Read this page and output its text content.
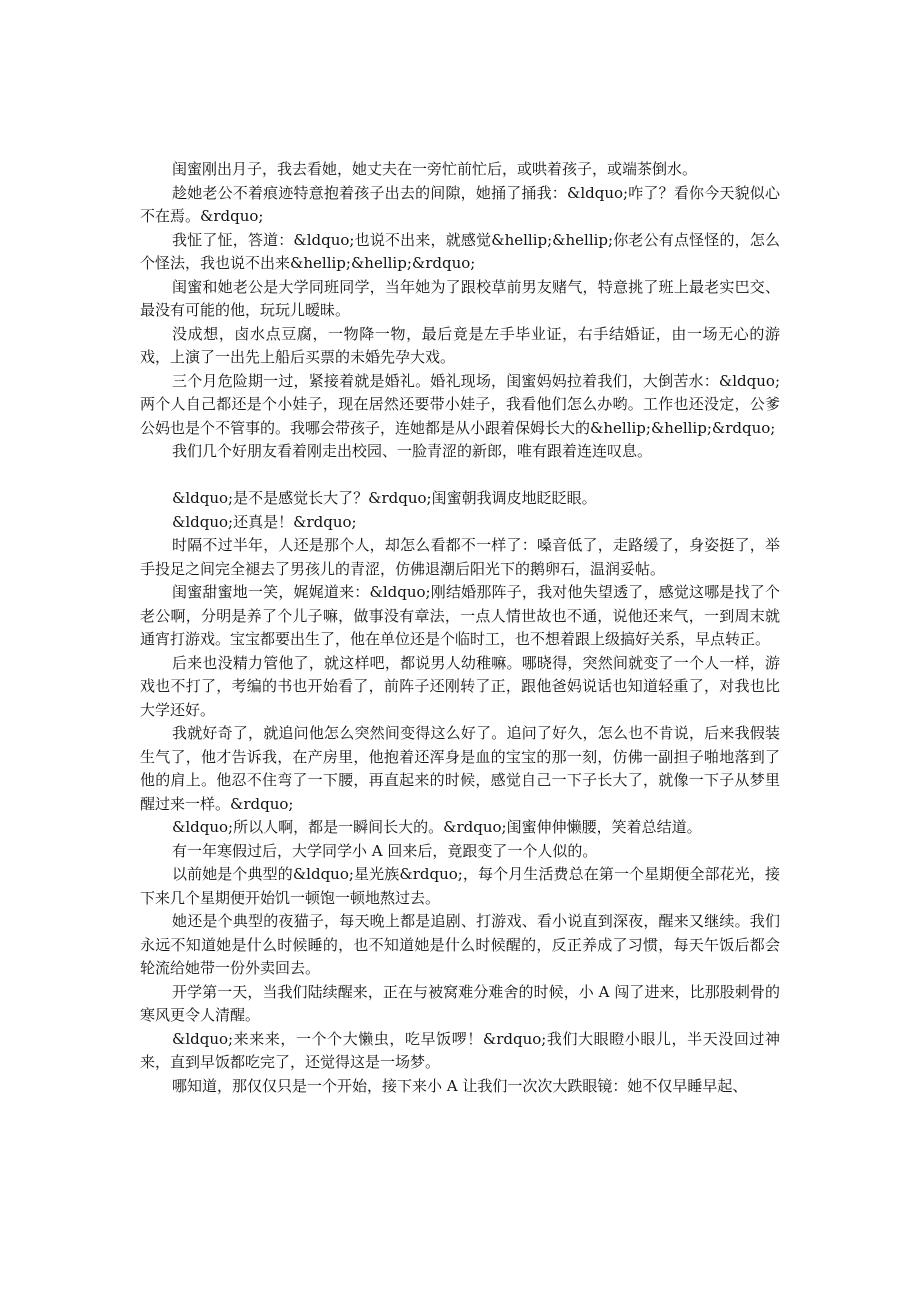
闺蜜刚出月子，我去看她，她丈夫在一旁忙前忙后，或哄着孩子，或端茶倒水。

趁她老公不着痕迹特意抱着孩子出去的间隙，她捅了捅我：&ldquo;咋了？看你今天貌似心不在焉。&rdquo;

我怔了怔，答道：&ldquo;也说不出来，就感觉&hellip;&hellip;你老公有点怪怪的，怎么个怪法，我也说不出来&hellip;&hellip;&rdquo;

闺蜜和她老公是大学同班同学，当年她为了跟校草前男友赌气，特意挑了班上最老实巴交、最没有可能的他，玩玩儿暧昧。

没成想，卤水点豆腐，一物降一物，最后竟是左手毕业证，右手结婚证，由一场无心的游戏，上演了一出先上船后买票的未婚先孕大戏。

三个月危险期一过，紧接着就是婚礼。婚礼现场，闺蜜妈妈拉着我们，大倒苦水：&ldquo;两个人自己都还是个小娃子，现在居然还要带小娃子，我看他们怎么办哟。工作也还没定，公爹公妈也是个不管事的。我哪会带孩子，连她都是从小跟着保姆长大的&hellip;&hellip;&rdquo;

我们几个好朋友看着刚走出校园、一脸青涩的新郎，唯有跟着连连叹息。

&ldquo;是不是感觉长大了？&rdquo;闺蜜朝我调皮地眨眨眼。

&ldquo;还真是！&rdquo;

时隔不过半年，人还是那个人，却怎么看都不一样了：嗓音低了，走路缓了，身姿挺了，举手投足之间完全褪去了男孩儿的青涩，仿佛退潮后阳光下的鹅卵石，温润妥帖。

闺蜜甜蜜地一笑，娓娓道来：&ldquo;刚结婚那阵子，我对他失望透了，感觉这哪是找了个老公啊，分明是养了个儿子嘛，做事没有章法，一点人情世故也不通，说他还来气，一到周末就通宵打游戏。宝宝都要出生了，他在单位还是个临时工，也不想着跟上级搞好关系，早点转正。

后来也没精力管他了，就这样吧，都说男人幼稚嘛。哪晓得，突然间就变了一个人一样，游戏也不打了，考编的书也开始看了，前阵子还刚转了正，跟他爸妈说话也知道轻重了，对我也比大学还好。

我就好奇了，就追问他怎么突然间变得这么好了。追问了好久，怎么也不肯说，后来我假装生气了，他才告诉我，在产房里，他抱着还浑身是血的宝宝的那一刻，仿佛一副担子啪地落到了他的肩上。他忍不住弯了一下腰，再直起来的时候，感觉自己一下子长大了，就像一下子从梦里醒过来一样。&rdquo;

&ldquo;所以人啊，都是一瞬间长大的。&rdquo;闺蜜伸伸懒腰，笑着总结道。

有一年寒假过后，大学同学小 A 回来后，竟跟变了一个人似的。

以前她是个典型的&ldquo;星光族&rdquo;，每个月生活费总在第一个星期便全部花光，接下来几个星期便开始饥一顿饱一顿地熬过去。

她还是个典型的夜猫子，每天晚上都是追剧、打游戏、看小说直到深夜，醒来又继续。我们永远不知道她是什么时候睡的，也不知道她是什么时候醒的，反正养成了习惯，每天午饭后都会轮流给她带一份外卖回去。

开学第一天，当我们陆续醒来，正在与被窝难分难舍的时候，小 A 闯了进来，比那股刺骨的寒风更令人清醒。

&ldquo;来来来，一个个大懒虫，吃早饭啰！&rdquo;我们大眼瞪小眼儿，半天没回过神来，直到早饭都吃完了，还觉得这是一场梦。

哪知道，那仅仅只是一个开始，接下来小 A 让我们一次次大跌眼镜：她不仅早睡早起、
